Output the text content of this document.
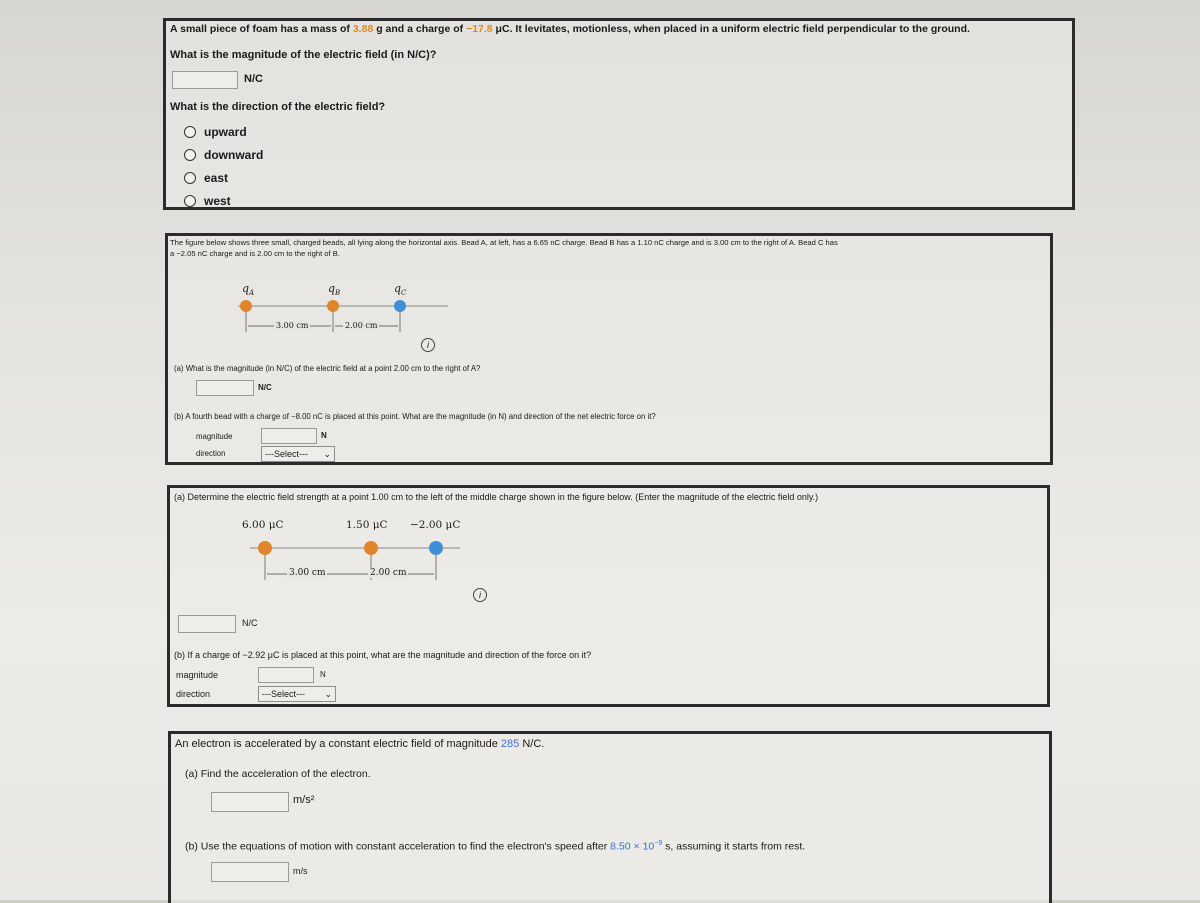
A small piece of foam has a mass of 3.88 g and a charge of −17.8 μC. It levitates, motionless, when placed in a uniform electric field perpendicular to the ground.
What is the magnitude of the electric field (in N/C)?
N/C
What is the direction of the electric field?
upward
downward
east
west
The figure below shows three small, charged beads, all lying along the horizontal axis. Bead A, at left, has a 6.65 nC charge. Bead B has a 1.10 nC charge and is 3.00 cm to the right of A. Bead C has
a −2.05 nC charge and is 2.00 cm to the right of B.
$q_A$	$q_B$	$q_C$
3.00 cm	2.00 cm
i
(a) What is the magnitude (in N/C) of the electric field at a point 2.00 cm to the right of A?
N/C
(b) A fourth bead with a charge of −8.00 nC is placed at this point. What are the magnitude (in N) and direction of the net electric force on it?
magnitude	N
direction	---Select--- ⌄
(a) Determine the electric field strength at a point 1.00 cm to the left of the middle charge shown in the figure below. (Enter the magnitude of the electric field only.)
6.00 μC	1.50 μC −2.00 μC
3.00 cm	2.00 cm
i
N/C
(b) If a charge of −2.92 μC is placed at this point, what are the magnitude and direction of the force on it?
magnitude	N
direction	---Select--- ⌄
An electron is accelerated by a constant electric field of magnitude 285 N/C.
(a) Find the acceleration of the electron.
m/s²
(b) Use the equations of motion with constant acceleration to find the electron's speed after $8.50 \times 10^{-9}$ s, assuming it starts from rest.
m/s
